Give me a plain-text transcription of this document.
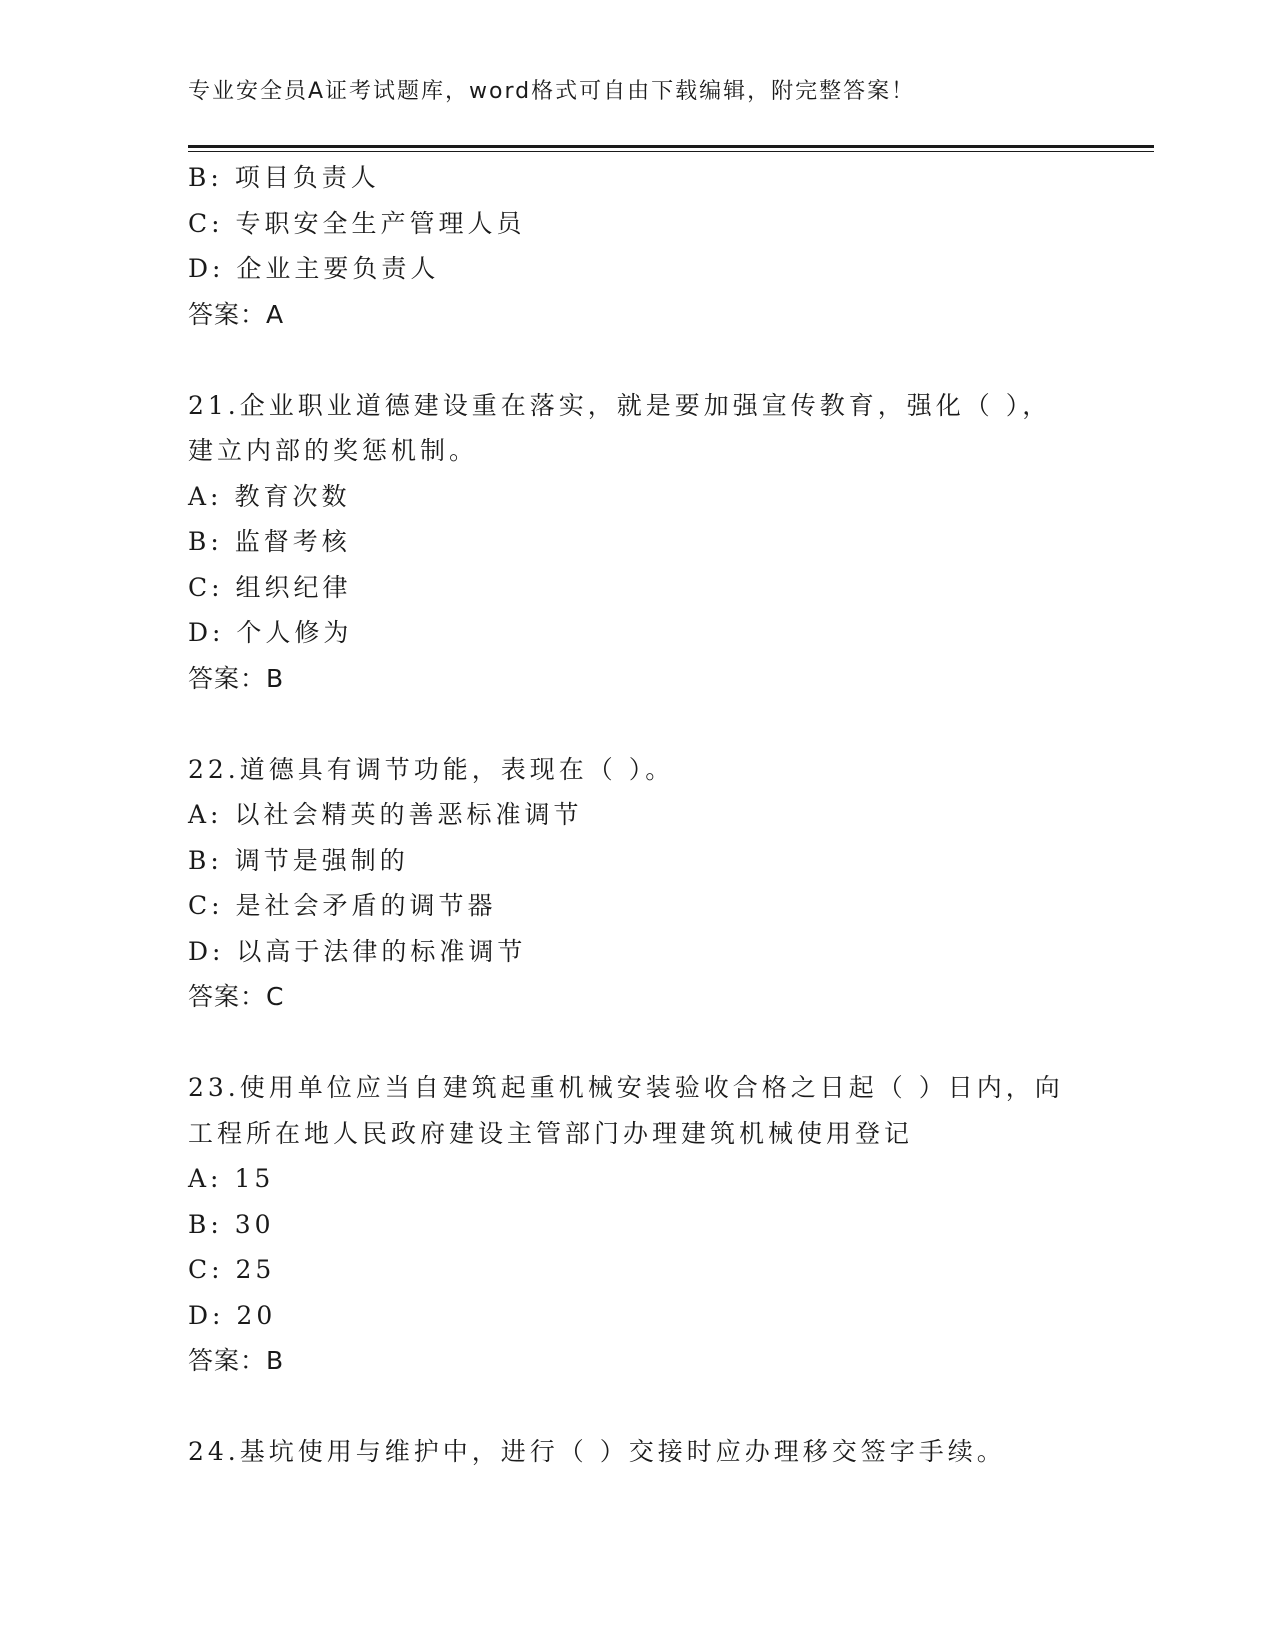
专业安全员A证考试题库，word格式可自由下载编辑，附完整答案！
B: 项目负责人
C: 专职安全生产管理人员
D: 企业主要负责人
答案：A
21.企业职业道德建设重在落实，就是要加强宣传教育，强化（ ），
建立内部的奖惩机制。
A: 教育次数
B: 监督考核
C: 组织纪律
D: 个人修为
答案：B
22.道德具有调节功能，表现在（ ）。
A: 以社会精英的善恶标准调节
B: 调节是强制的
C: 是社会矛盾的调节器
D: 以高于法律的标准调节
答案：C
23.使用单位应当自建筑起重机械安装验收合格之日起（ ）日内，向
工程所在地人民政府建设主管部门办理建筑机械使用登记
A: 15
B: 30
C: 25
D: 20
答案：B
24.基坑使用与维护中，进行（ ）交接时应办理移交签字手续。
